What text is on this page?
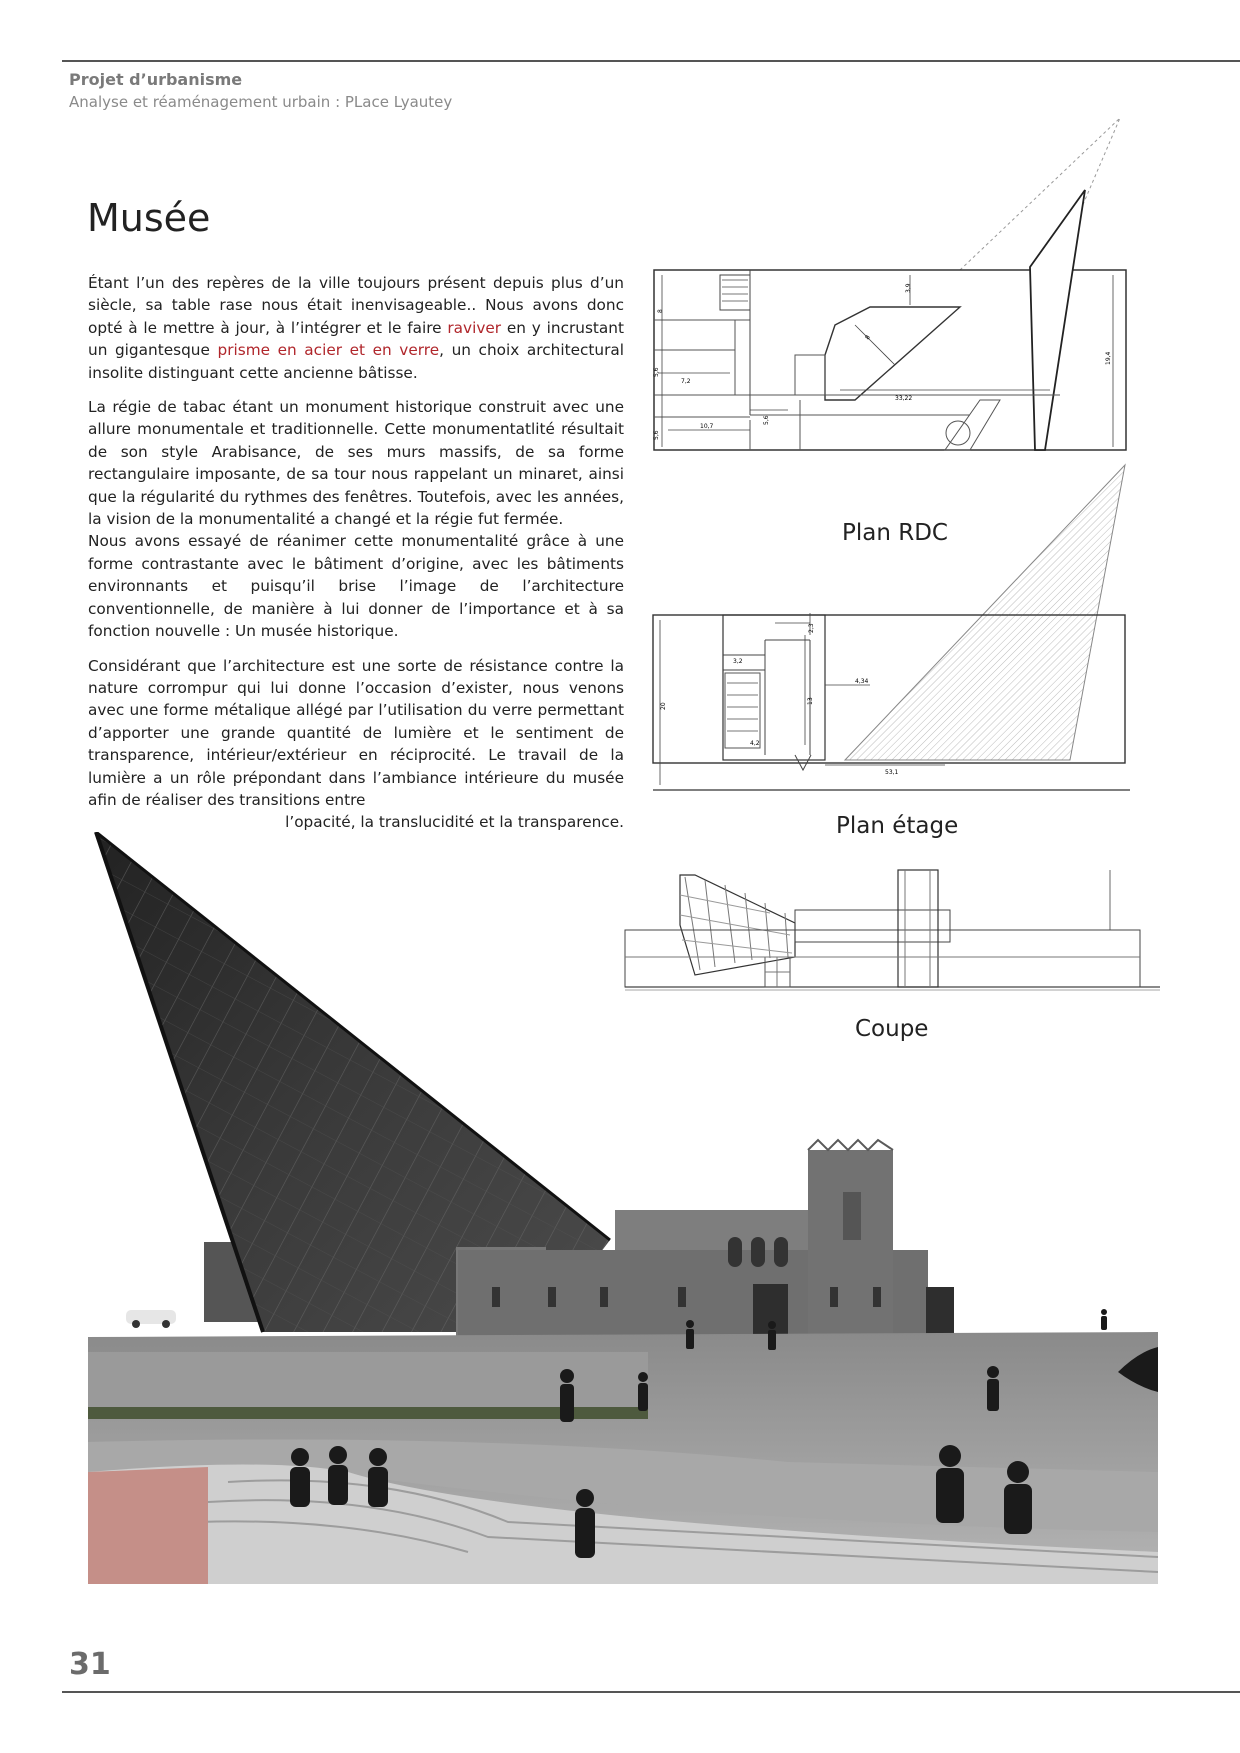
Projet d’urbanisme
Analyse et réaménagement urbain : PLace Lyautey
Musée

Étant l’un des repères de la ville toujours présent depuis plus d’un siècle, sa table rase nous était inenvisageable.. Nous avons donc opté à le mettre à jour, à l’intégrer et le faire raviver en y incrustant un gigantesque prisme en acier et en verre, un choix architectural insolite distinguant cette ancienne bâtisse.

La régie de tabac étant un monument historique construit avec une allure monumentale et traditionnelle. Cette monumentatlité résultait de son style Arabisance, de ses murs massifs, de sa forme rectangulaire imposante, de sa tour nous rappelant un minaret, ainsi que la régularité du rythmes des fenêtres. Toutefois, avec les années, la vision de la monumentalité a changé et la régie fut fermée.

Nous avons essayé de réanimer cette monumentalité grâce à une forme contrastante avec le bâtiment d’origine, avec les bâtiments environnants et puisqu’il brise l’image de l’architecture conventionnelle, de manière à lui donner de l’importance et à sa fonction nouvelle : Un musée historique.

Considérant que l’architecture est une sorte de résistance contre la nature corrompur qui lui donne l’occasion d’exister, nous venons avec une forme métalique allégé par l’utilisation du verre permettant d’apporter une grande quantité de lumière et le sentiment de transparence, intérieur/extérieur en réciprocité. Le travail de la lumière a un rôle prépondant dans l’ambiance intérieure du musée afin de réaliser des transitions entre

l’opacité, la translucidité et la transparence.
8
3,9
8
19,4
5,6
7,2
33,22
5,6
10,7
5,6
Plan RDC
2,3
3,2
4,34
13
20
4,2
53,1
Plan étage
Coupe
31
